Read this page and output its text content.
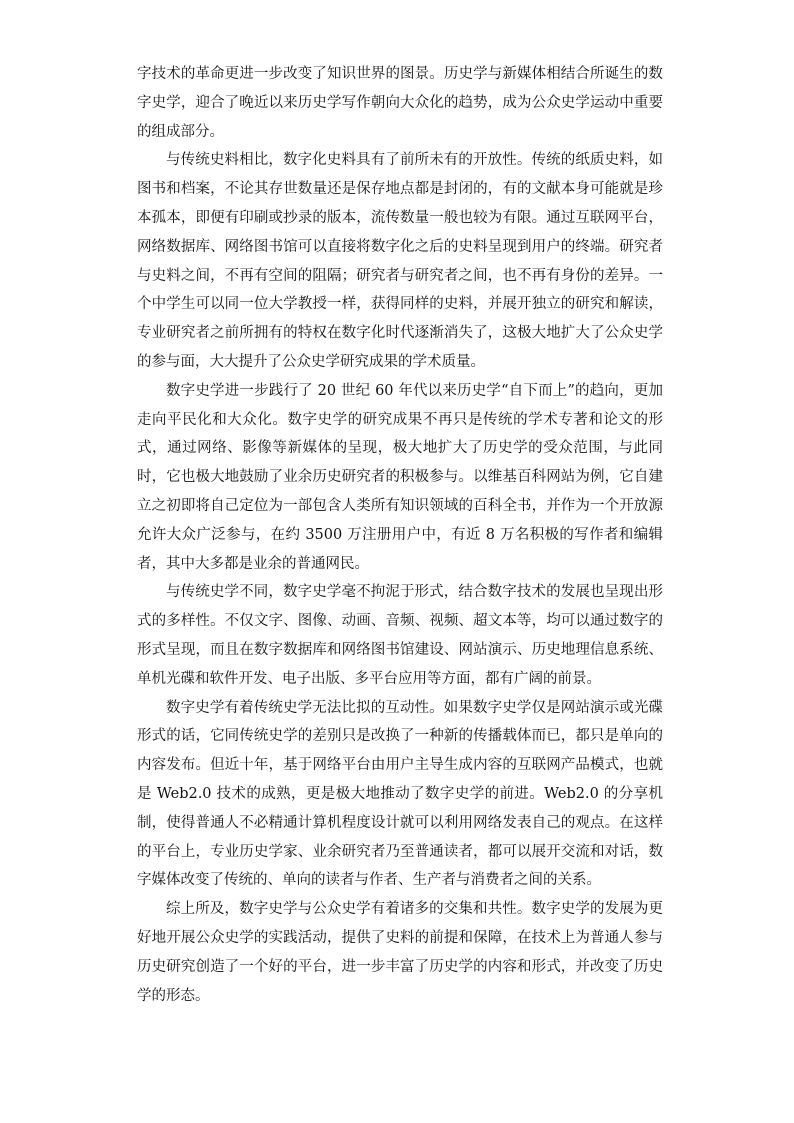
字技术的革命更进一步改变了知识世界的图景。历史学与新媒体相结合所诞生的数字史学，迎合了晚近以来历史学写作朝向大众化的趋势，成为公众史学运动中重要的组成部分。

与传统史料相比，数字化史料具有了前所未有的开放性。传统的纸质史料，如图书和档案，不论其存世数量还是保存地点都是封闭的，有的文献本身可能就是珍本孤本，即便有印刷或抄录的版本，流传数量一般也较为有限。通过互联网平台，网络数据库、网络图书馆可以直接将数字化之后的史料呈现到用户的终端。研究者与史料之间，不再有空间的阻隔；研究者与研究者之间，也不再有身份的差异。一个中学生可以同一位大学教授一样，获得同样的史料，并展开独立的研究和解读，专业研究者之前所拥有的特权在数字化时代逐渐消失了，这极大地扩大了公众史学的参与面，大大提升了公众史学研究成果的学术质量。

数字史学进一步践行了 20 世纪 60 年代以来历史学“自下而上”的趋向，更加走向平民化和大众化。数字史学的研究成果不再只是传统的学术专著和论文的形式，通过网络、影像等新媒体的呈现，极大地扩大了历史学的受众范围，与此同时，它也极大地鼓励了业余历史研究者的积极参与。以维基百科网站为例，它自建立之初即将自己定位为一部包含人类所有知识领域的百科全书，并作为一个开放源允许大众广泛参与，在约 3500 万注册用户中，有近 8 万名积极的写作者和编辑者，其中大多都是业余的普通网民。

与传统史学不同，数字史学毫不拘泥于形式，结合数字技术的发展也呈现出形式的多样性。不仅文字、图像、动画、音频、视频、超文本等，均可以通过数字的形式呈现，而且在数字数据库和网络图书馆建设、网站演示、历史地理信息系统、单机光碟和软件开发、电子出版、多平台应用等方面，都有广阔的前景。

数字史学有着传统史学无法比拟的互动性。如果数字史学仅是网站演示或光碟形式的话，它同传统史学的差别只是改换了一种新的传播载体而已，都只是单向的内容发布。但近十年，基于网络平台由用户主导生成内容的互联网产品模式，也就是 Web2.0 技术的成熟，更是极大地推动了数字史学的前进。Web2.0 的分享机制，使得普通人不必精通计算机程度设计就可以利用网络发表自己的观点。在这样的平台上，专业历史学家、业余研究者乃至普通读者，都可以展开交流和对话，数字媒体改变了传统的、单向的读者与作者、生产者与消费者之间的关系。

综上所及，数字史学与公众史学有着诸多的交集和共性。数字史学的发展为更好地开展公众史学的实践活动，提供了史料的前提和保障，在技术上为普通人参与历史研究创造了一个好的平台，进一步丰富了历史学的内容和形式，并改变了历史学的形态。
